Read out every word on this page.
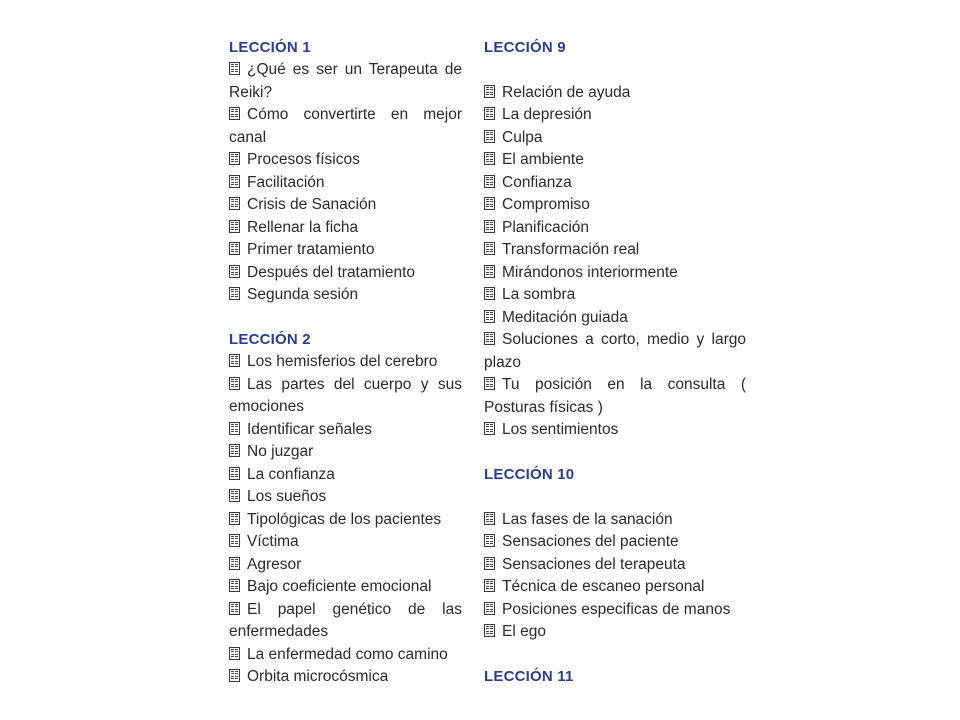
LECCIÓN 1
¿Qué es ser un Terapeuta de Reiki?
Cómo convertirte en mejor canal
Procesos físicos
Facilitación
Crisis de Sanación
Rellenar la ficha
Primer tratamiento
Después del tratamiento
Segunda sesión
LECCIÓN 2
Los hemisferios del cerebro
Las partes del cuerpo y sus emociones
Identificar señales
No juzgar
La confianza
Los sueños
Tipológicas de los pacientes
Víctima
Agresor
Bajo coeficiente emocional
El papel genético de las enfermedades
La enfermedad como camino
Orbita microcósmica
LECCIÓN 9
Relación de ayuda
La depresión
Culpa
El ambiente
Confianza
Compromiso
Planificación
Transformación real
Mirándonos interiormente
La sombra
Meditación guiada
Soluciones a corto, medio y largo plazo
Tu posición en la consulta ( Posturas físicas )
Los sentimientos
LECCIÓN 10
Las fases de la sanación
Sensaciones del paciente
Sensaciones del terapeuta
Técnica de escaneo personal
Posiciones especificas de manos
El ego
LECCIÓN 11
